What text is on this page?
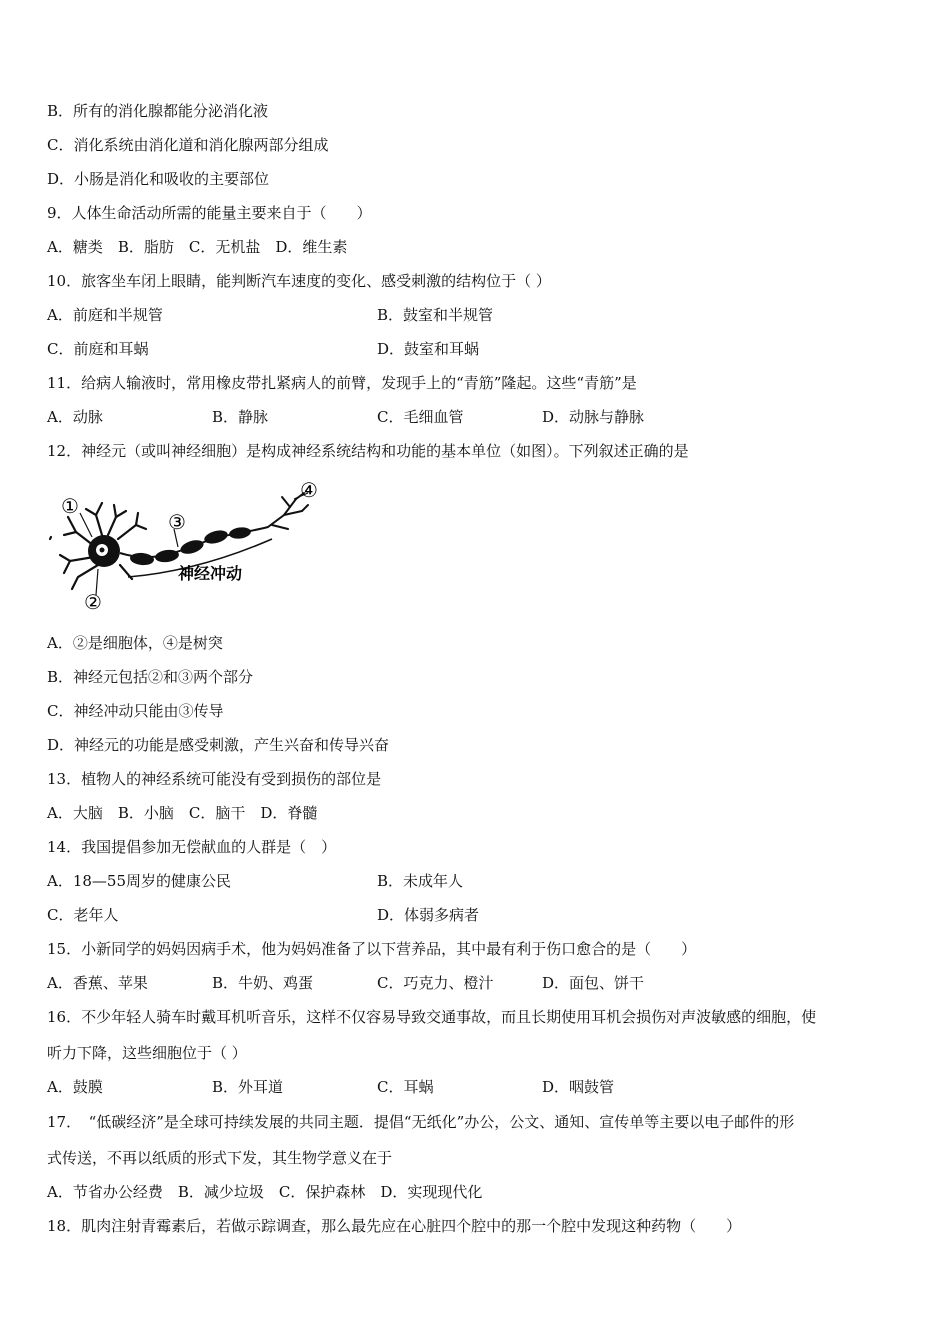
B．所有的消化腺都能分泌消化液
C．消化系统由消化道和消化腺两部分组成
D．小肠是消化和吸收的主要部位
9．人体生命活动所需的能量主要来自于（　　）
A．糖类　B．脂肪　C．无机盐　D．维生素
10．旅客坐车闭上眼睛，能判断汽车速度的变化、感受刺激的结构位于（ ）
A．前庭和半规管	B．鼓室和半规管
C．前庭和耳蜗	D．鼓室和耳蜗
11．给病人输液时，常用橡皮带扎紧病人的前臂，发现手上的“青筋”隆起。这些“青筋”是
A．动脉	B．静脉	C．毛细血管	D．动脉与静脉
12．神经元（或叫神经细胞）是构成神经系统结构和功能的基本单位（如图）。下列叙述正确的是
①
②
③
④
神经冲动
A．②是细胞体，④是树突
B．神经元包括②和③两个部分
C．神经冲动只能由③传导
D．神经元的功能是感受刺激，产生兴奋和传导兴奋
13．植物人的神经系统可能没有受到损伤的部位是
A．大脑　B．小脑　C．脑干　D．脊髓
14．我国提倡参加无偿献血的人群是（　）
A．18—55周岁的健康公民	B．未成年人
C．老年人	D．体弱多病者
15．小新同学的妈妈因病手术，他为妈妈准备了以下营养品，其中最有利于伤口愈合的是（　　）
A．香蕉、苹果	B．牛奶、鸡蛋	C．巧克力、橙汁	D．面包、饼干
16．不少年轻人骑车时戴耳机听音乐，这样不仅容易导致交通事故，而且长期使用耳机会损伤对声波敏感的细胞，使
听力下降，这些细胞位于（ ）
A．鼓膜	B．外耳道	C．耳蜗	D．咽鼓管
17．　“低碳经济”是全球可持续发展的共同主题．提倡“无纸化”办公，公文、通知、宣传单等主要以电子邮件的形
式传送，不再以纸质的形式下发，其生物学意义在于
A．节省办公经费　B．减少垃圾　C．保护森林　D．实现现代化
18．肌肉注射青霉素后，若做示踪调查，那么最先应在心脏四个腔中的那一个腔中发现这种药物（　　）
